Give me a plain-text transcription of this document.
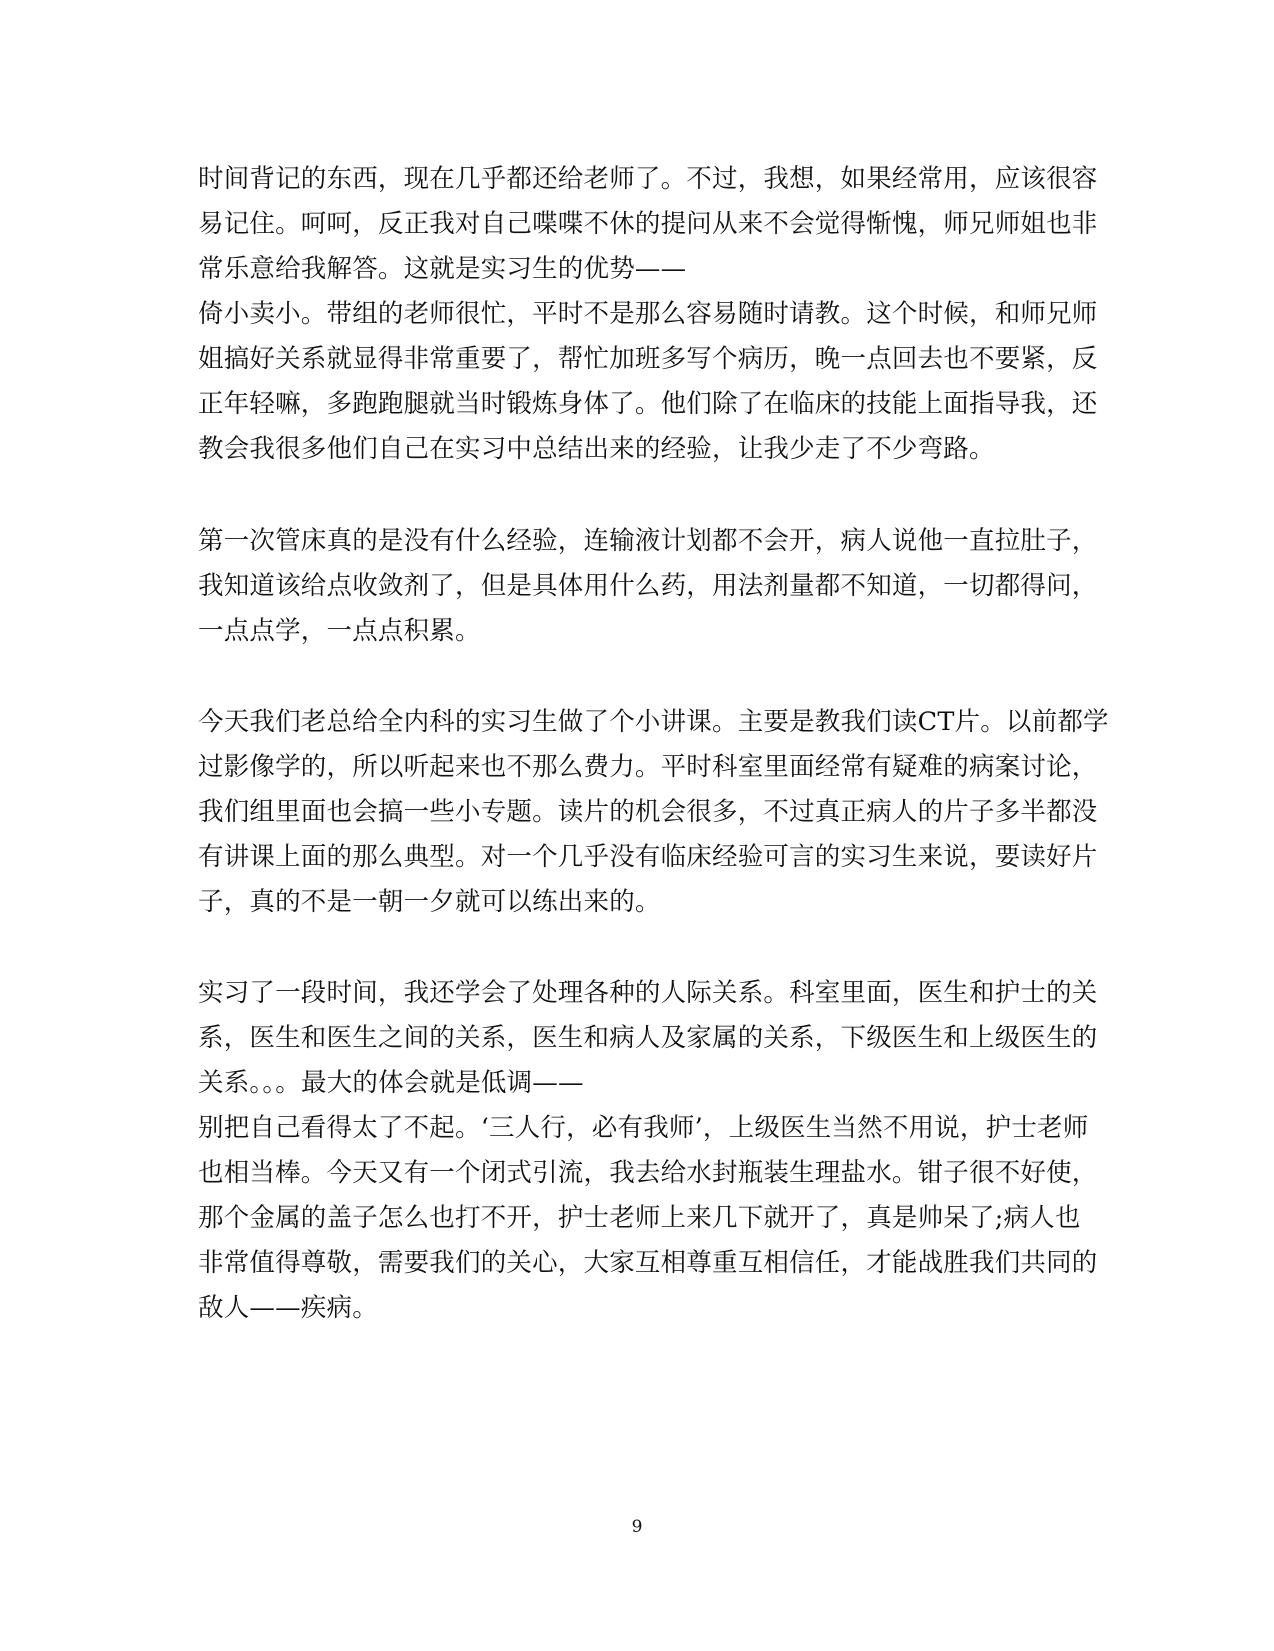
时间背记的东西，现在几乎都还给老师了。不过，我想，如果经常用，应该很容
易记住。呵呵，反正我对自己喋喋不休的提问从来不会觉得惭愧，师兄师姐也非
常乐意给我解答。这就是实习生的优势——
倚小卖小。带组的老师很忙，平时不是那么容易随时请教。这个时候，和师兄师
姐搞好关系就显得非常重要了，帮忙加班多写个病历，晚一点回去也不要紧，反
正年轻嘛，多跑跑腿就当时锻炼身体了。他们除了在临床的技能上面指导我，还
教会我很多他们自己在实习中总结出来的经验，让我少走了不少弯路。
第一次管床真的是没有什么经验，连输液计划都不会开，病人说他一直拉肚子，
我知道该给点收敛剂了，但是具体用什么药，用法剂量都不知道，一切都得问，
一点点学，一点点积累。
今天我们老总给全内科的实习生做了个小讲课。主要是教我们读CT片。以前都学
过影像学的，所以听起来也不那么费力。平时科室里面经常有疑难的病案讨论，
我们组里面也会搞一些小专题。读片的机会很多，不过真正病人的片子多半都没
有讲课上面的那么典型。对一个几乎没有临床经验可言的实习生来说，要读好片
子，真的不是一朝一夕就可以练出来的。
实习了一段时间，我还学会了处理各种的人际关系。科室里面，医生和护士的关
系，医生和医生之间的关系，医生和病人及家属的关系，下级医生和上级医生的
关系。。。最大的体会就是低调——
别把自己看得太了不起。‘三人行，必有我师’，上级医生当然不用说，护士老师
也相当棒。今天又有一个闭式引流，我去给水封瓶装生理盐水。钳子很不好使，
那个金属的盖子怎么也打不开，护士老师上来几下就开了，真是帅呆了;病人也
非常值得尊敬，需要我们的关心，大家互相尊重互相信任，才能战胜我们共同的
敌人——疾病。
9
